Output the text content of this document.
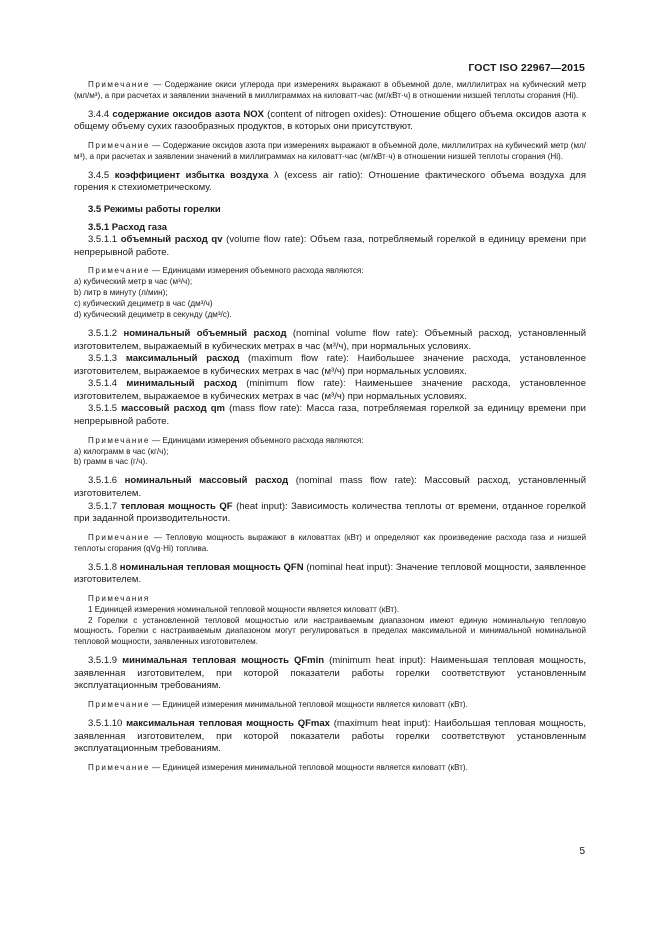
ГОСТ ISO 22967—2015

Примечание — Содержание окиси углерода при измерениях выражают в объемной доле, миллилитрах на кубический метр (мл/м³), а при расчетах и заявлении значений в миллиграммах на киловатт-час (мг/кВт·ч) в отношении низшей теплоты сгорания (Hi).

3.4.4 содержание оксидов азота NOX (content of nitrogen oxides): Отношение общего объема оксидов азота к общему объему сухих газообразных продуктов, в которых они присутствуют.

Примечание — Содержание оксидов азота при измерениях выражают в объемной доле, миллилитрах на кубический метр (мл/м³), а при расчетах и заявлении значений в миллиграммах на киловатт-час (мг/кВт·ч) в отношении низшей теплоты сгорания (Hi).

3.4.5 коэффициент избытка воздуха λ (excess air ratio): Отношение фактического объема воздуха для горения к стехиометрическому.

3.5 Режимы работы горелки

3.5.1 Расход газа

3.5.1.1 объемный расход qv (volume flow rate): Объем газа, потребляемый горелкой в единицу времени при непрерывной работе.

Примечание — Единицами измерения объемного расхода являются:

a) кубический метр в час (м³/ч);

b) литр в минуту (л/мин);

c) кубический дециметр в час (дм³/ч)

d) кубический дециметр в секунду (дм³/с).

3.5.1.2 номинальный объемный расход (nominal volume flow rate): Объемный расход, установленный изготовителем, выражаемый в кубических метрах в час (м³/ч), при нормальных условиях.

3.5.1.3 максимальный расход (maximum flow rate): Наибольшее значение расхода, установленное изготовителем, выражаемое в кубических метрах в час (м³/ч) при нормальных условиях.

3.5.1.4 минимальный расход (minimum flow rate): Наименьшее значение расхода, установленное изготовителем, выражаемое в кубических метрах в час (м³/ч) при нормальных условиях.

3.5.1.5 массовый расход qm (mass flow rate): Масса газа, потребляемая горелкой за единицу времени при непрерывной работе.

Примечание — Единицами измерения объемного расхода являются:

a) килограмм в час (кг/ч);

b) грамм в час (г/ч).

3.5.1.6 номинальный массовый расход (nominal mass flow rate): Массовый расход, установленный изготовителем.

3.5.1.7 тепловая мощность QF (heat input): Зависимость количества теплоты от времени, отданное горелкой при заданной производительности.

Примечание — Тепловую мощность выражают в киловаттах (кВт) и определяют как произведение расхода газа и низшей теплоты сгорания (qVg·Hi) топлива.

3.5.1.8 номинальная тепловая мощность QFN (nominal heat input): Значение тепловой мощности, заявленное изготовителем.

Примечания

1 Единицей измерения номинальной тепловой мощности является киловатт (кВт).

2 Горелки с установленной тепловой мощностью или настраиваемым диапазоном имеют единую номинальную тепловую мощность. Горелки с настраиваемым диапазоном могут регулироваться в пределах максимальной и минимальной номинальной тепловой мощности, заявленных изготовителем.

3.5.1.9 минимальная тепловая мощность QFmin (minimum heat input): Наименьшая тепловая мощность, заявленная изготовителем, при которой показатели работы горелки соответствуют установленным эксплуатационным требованиям.

Примечание — Единицей измерения минимальной тепловой мощности является киловатт (кВт).

3.5.1.10 максимальная тепловая мощность QFmax (maximum heat input): Наибольшая тепловая мощность, заявленная изготовителем, при которой показатели работы горелки соответствуют установленным эксплуатационным требованиям.

Примечание — Единицей измерения минимальной тепловой мощности является киловатт (кВт).

5
